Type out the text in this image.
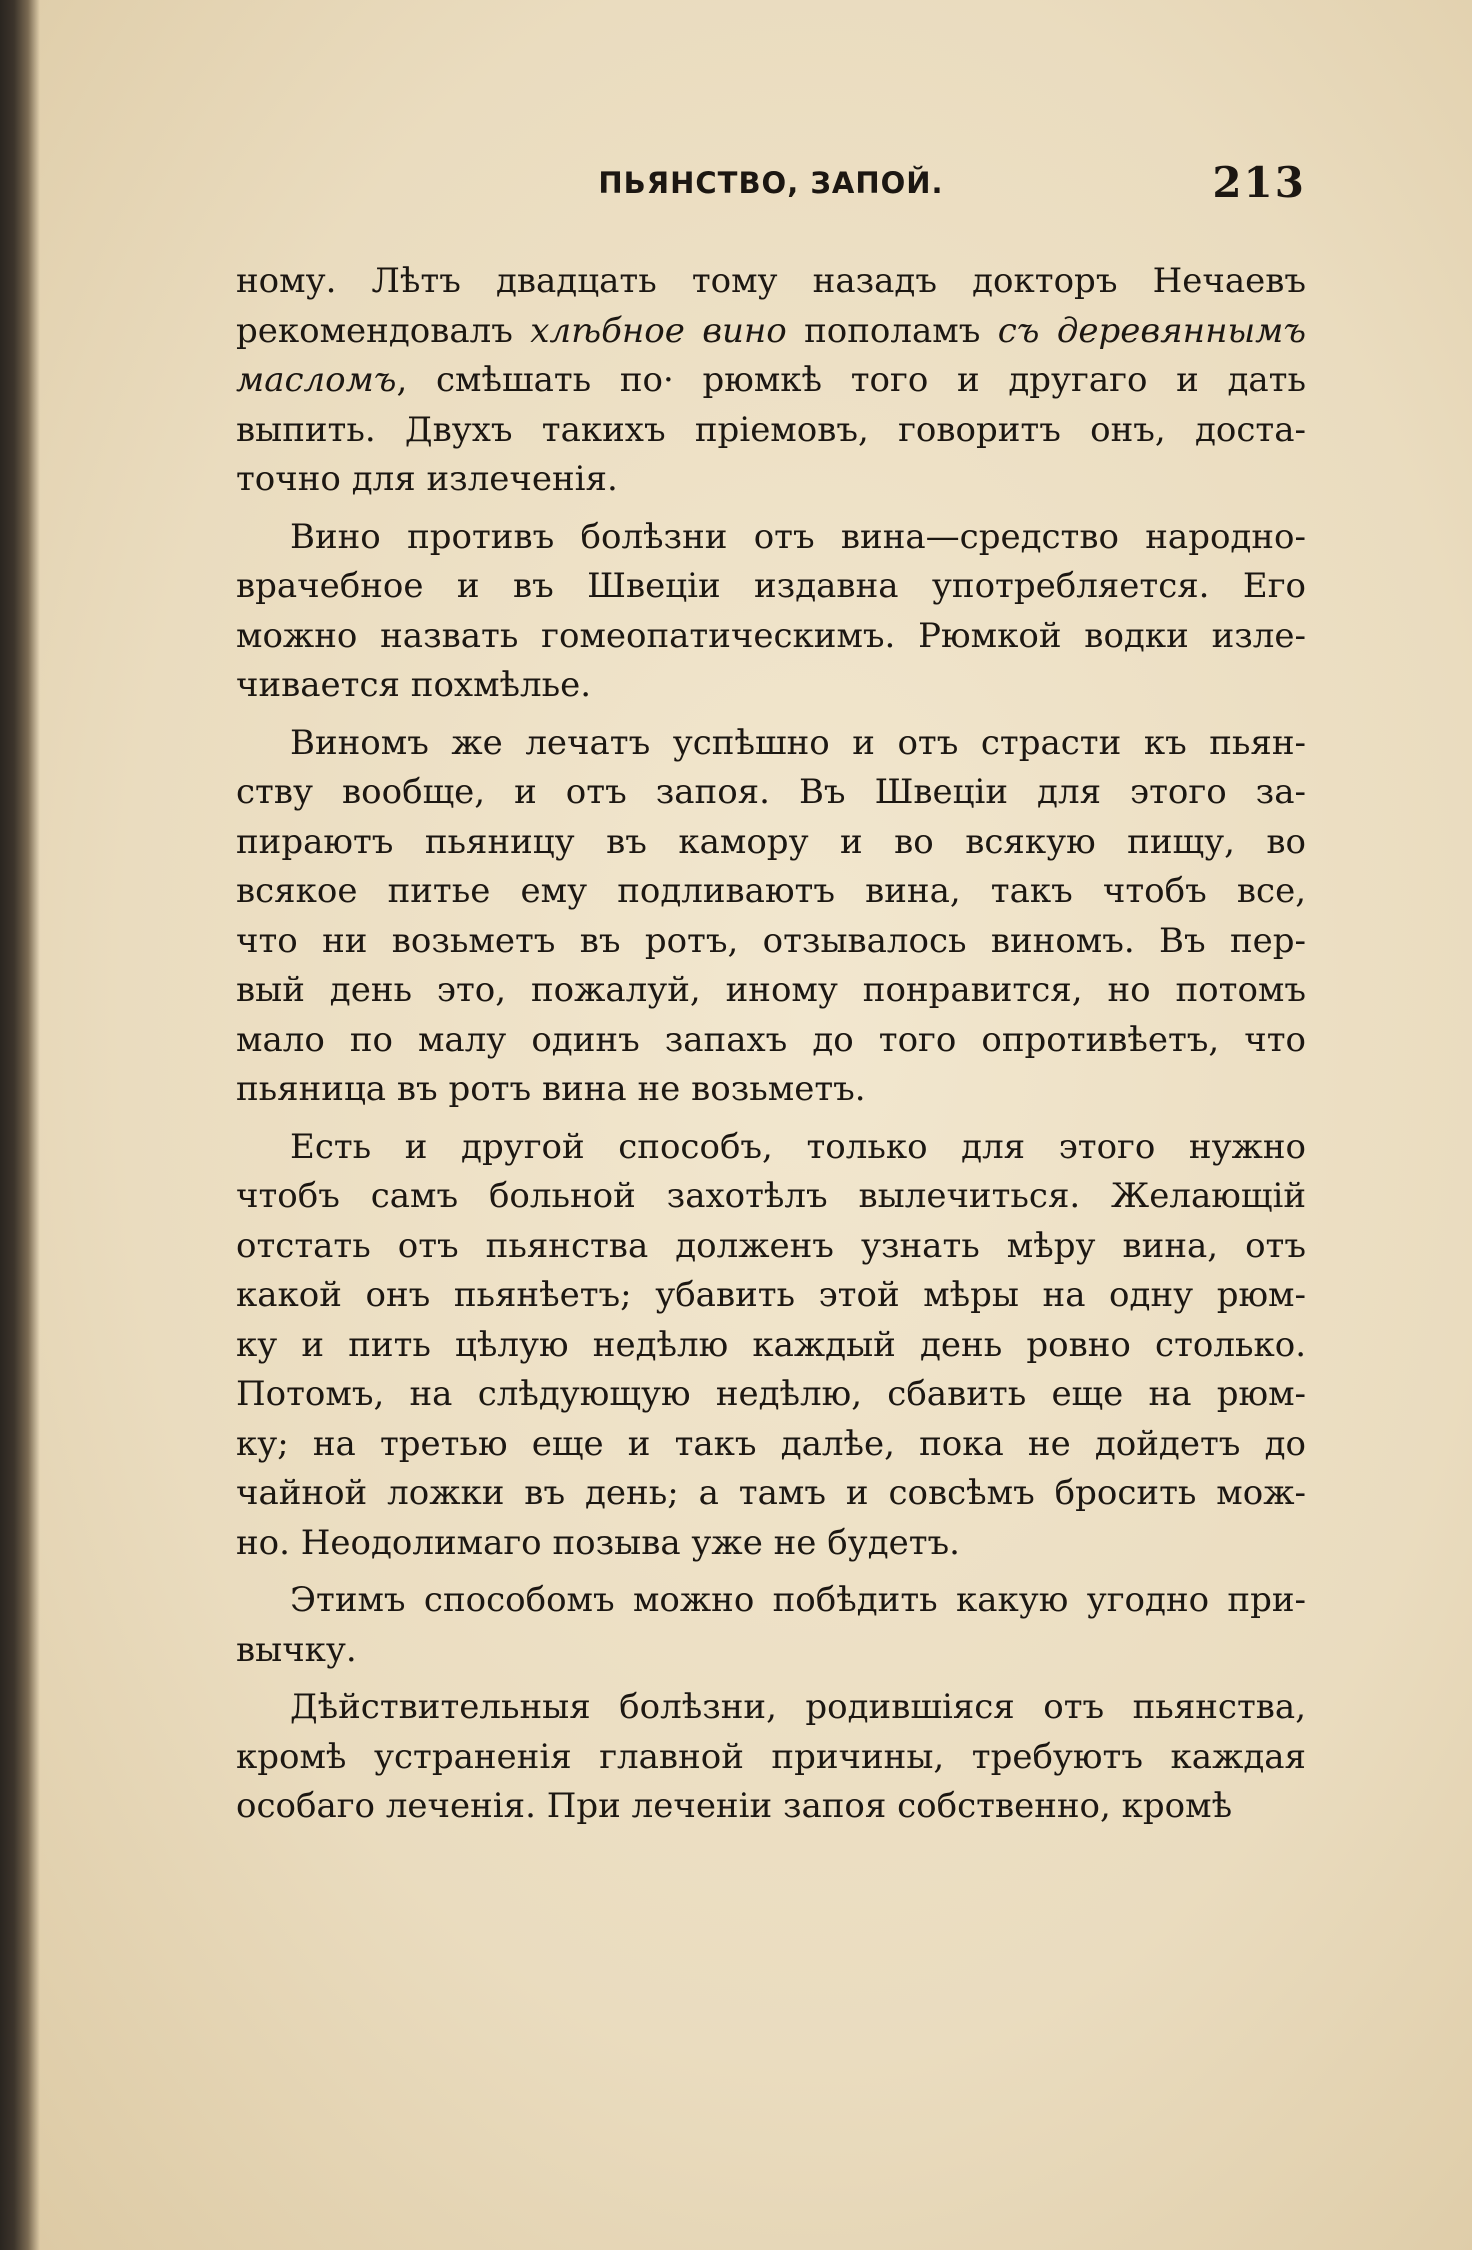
ПЬЯНСТВО, ЗАПОЙ.	213

ному. Лѣтъ двадцать тому назадъ докторъ Нечаевъ
рекомендовалъ хлѣбное вино пополамъ съ деревяннымъ
масломъ, смѣшать по· рюмкѣ того и другаго и дать
выпить. Двухъ такихъ пріемовъ, говоритъ онъ, доста-
точно для излеченія.

Вино противъ болѣзни отъ вина—средство народно-
врачебное и въ Швеціи издавна употребляется. Его
можно назвать гомеопатическимъ. Рюмкой водки изле-
чивается похмѣлье.

Виномъ же лечатъ успѣшно и отъ страсти къ пьян-
ству вообще, и отъ запоя. Въ Швеціи для этого за-
пираютъ пьяницу въ камору и во всякую пищу, во
всякое питье ему подливаютъ вина, такъ чтобъ все,
что ни возьметъ въ ротъ, отзывалось виномъ. Въ пер-
вый день это, пожалуй, иному понравится, но потомъ
мало по малу одинъ запахъ до того опротивѣетъ, что
пьяница въ ротъ вина не возьметъ.

Есть и другой способъ, только для этого нужно
чтобъ самъ больной захотѣлъ вылечиться. Желающій
отстать отъ пьянства долженъ узнать мѣру вина, отъ
какой онъ пьянѣетъ; убавить этой мѣры на одну рюм-
ку и пить цѣлую недѣлю каждый день ровно столько.
Потомъ, на слѣдующую недѣлю, сбавить еще на рюм-
ку; на третью еще и такъ далѣе, пока не дойдетъ до
чайной ложки въ день; а тамъ и совсѣмъ бросить мож-
но. Неодолимаго позыва уже не будетъ.

Этимъ способомъ можно побѣдить какую угодно при-
вычку.

Дѣйствительныя болѣзни, родившіяся отъ пьянства,
кромѣ устраненія главной причины, требуютъ каждая
особаго леченія. При леченіи запоя собственно, кромѣ
